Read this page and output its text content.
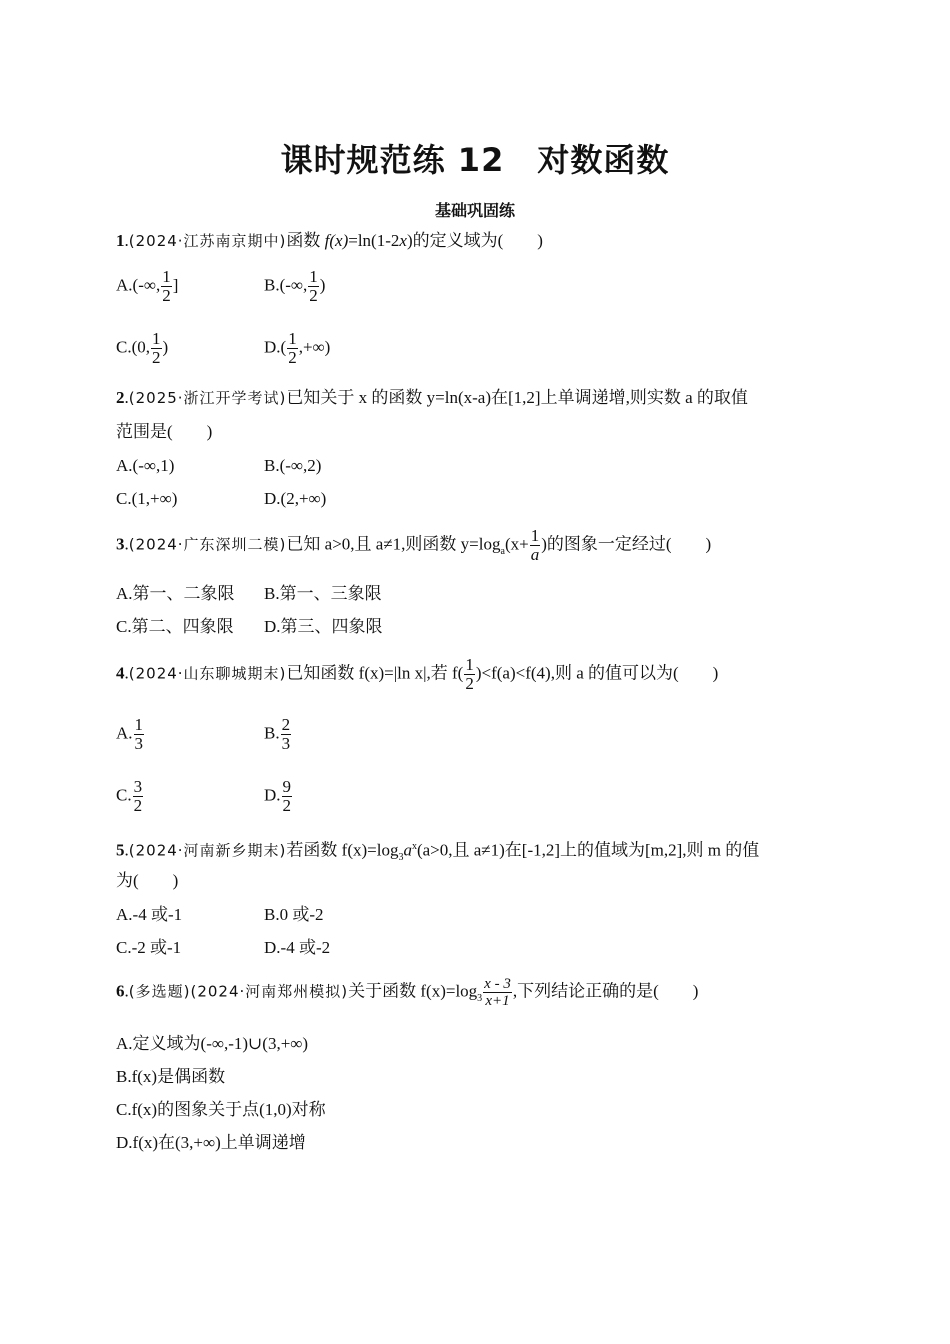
课时规范练 12　对数函数
基础巩固练
1.(2024·江苏南京期中)函数 f(x)=ln(1-2x)的定义域为( )
A.(-∞, $\frac{1}{2}$ ]	B.(-∞, $\frac{1}{2}$ )
C.(0, $\frac{1}{2}$ )	$D.( \frac{1}{2}$ ,+∞)
2.(2025·浙江开学考试)已知关于 x 的函数 y=ln(x-a)在[1,2]上单调递增,则实数 a 的取值
范围是( )
A.(-∞,1)	B.(-∞,2)
C.(1,+∞)	D.(2,+∞)
3.(2024·广东深圳二模)已知 a>0,且 a≠1,则函数 $y=\log_a(x+ \frac{1}{a}$ )的图象一定经过( )
A.第一、二象限 B.第一、三象限
C.第二、四象限 D.第三、四象限
4.(2024·山东聊城期末)已知函数 f(x)=|ln x|,若 $f( \frac{1}{2} )<f(a)<f(4)$,则 a 的值可以为( )
A. $\frac{1}{3}$	B. $\frac{2}{3}$
C. $\frac{3}{2}$	D. $\frac{9}{2}$
5.(2024·河南新乡期末)若函数 $f(x)=\log_3a^x(a>0$,且 a≠1)在[-1,2]上的值域为[m,2],则 m 的值
为( )
A.-4 或-1	B.0 或-2
C.-2 或-1	D.-4 或-2
6.(多选题)(2024·河南郑州模拟)关于函数 $f(x)=\log_3 \frac{x - 3}{x+1}$ ,下列结论正确的是( )
A.定义域为(-∞,-1)∪(3,+∞)
B.f(x)是偶函数
C.f(x)的图象关于点(1,0)对称
D.f(x)在(3,+∞)上单调递增
